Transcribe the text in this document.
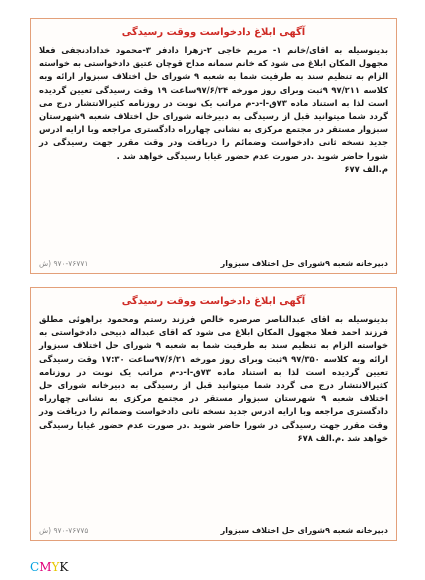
آگهی ابلاغ دادخواست ووقت رسیدگی

بدینوسیله به اقای/خانم ۱- مریم خاجی ۲-زهرا دادفر ۳-محمود خدادادنجفی فعلا مجهول المکان ابلاغ می شود که خانم سمانه مداح قوچان عتیق دادخواستی به خواسته الزام به تنظیم سند به طرفیت شما به شعبه ۹ شورای حل اختلاف سبزوار ارائه وبه کلاسه ۹۷/۲۱۱ ۹ثبت وبرای روز مورخه ۹۷/۶/۲۴ساعت ۱۹ وقت رسیدگی تعیین گردیده است لذا به استناد ماده ۷۳ق-ا-د-م مراتب یک نوبت در روزنامه کثیرالانتشار درج می گردد شما میتوانید قبل از رسیدگی به دبیرخانه شورای حل اختلاف شعبه ۹شهرستان سبزوار مستقر در مجتمع مرکزی به نشانی چهارراه دادگستری مراجعه وبا ارایه ادرس جدید نسخه ثانی دادخواست وضمائم را دریافت ودر وقت مقرر جهت رسیدگی در شورا حاضر شوید .در صورت عدم حضور غیابا رسیدگی خواهد شد .

م.الف ۶۷۷

دبیرخانه شعبه ۹شورای حل اختلاف سبزوار
۹۷۰-۷۶۷۷۱ (ش
آگهی ابلاغ دادخواست ووقت رسیدگی

بدینوسیله به اقای عبدالناصر صرصره خالص فرزند رستم ومحمود براهوئی مطلق فرزند احمد فعلا مجهول المکان ابلاغ می شود که اقای عبداله ذبیحی دادخواستی به خواسته الزام به تنظیم سند به طرفیت شما به شعبه ۹ شورای حل اختلاف سبزوار ارائه وبه کلاسه ۹۷/۳۵۰ ۹ثبت وبرای روز مورخه ۹۷/۶/۲۱ساعت ۱۷:۳۰ وقت رسیدگی تعیین گردیده است لذا به استناد ماده ۷۳ق-ا-د-م مراتب یک نوبت در روزنامه کثیرالانتشار درج می گردد شما میتوانید قبل از رسیدگی به دبیرخانه شورای حل اختلاف شعبه ۹ شهرستان سبزوار مستقر در مجتمع مرکزی به نشانی چهارراه دادگستری مراجعه وبا ارایه ادرس جدید نسخه ثانی دادخواست وضمائم را دریافت ودر وقت مقرر جهت رسیدگی در شورا حاضر شوید .در صورت عدم حضور غیابا رسیدگی خواهد شد .م.الف ۶۷۸

دبیرخانه شعبه ۹شورای حل اختلاف سبزوار
۹۷۰-۷۶۷۷۵ (ش
CMYK
